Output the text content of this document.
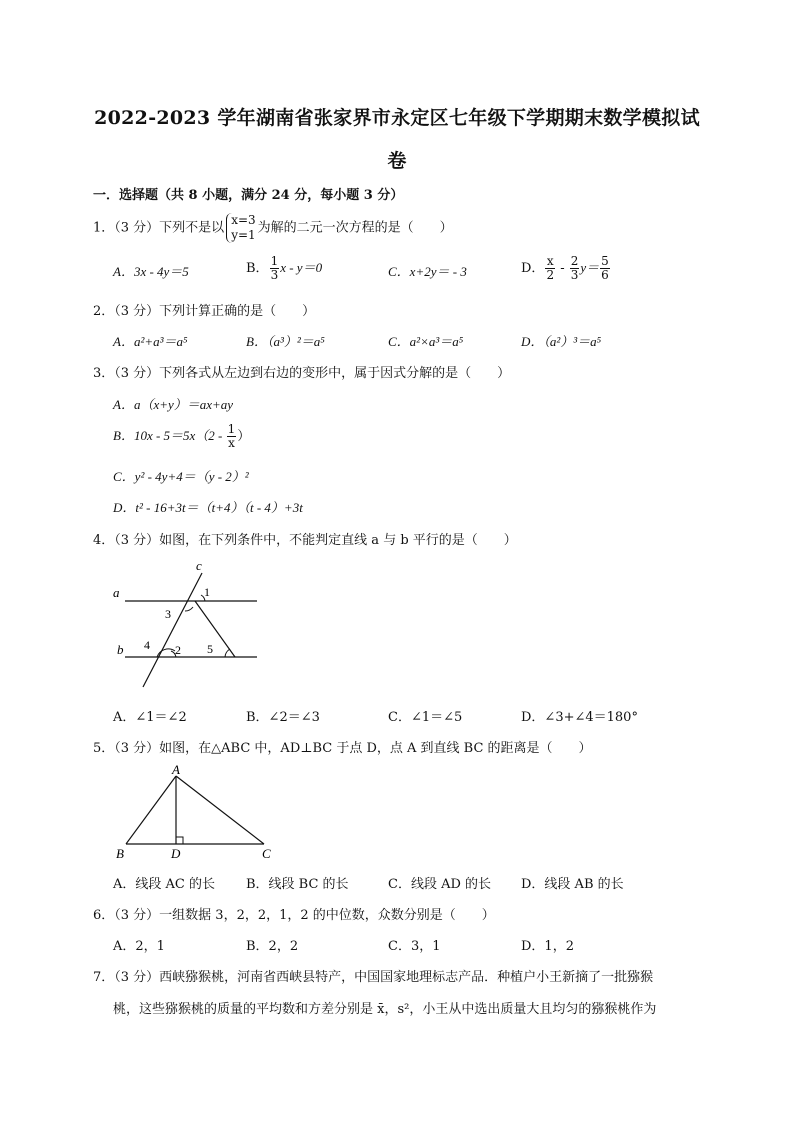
2022-2023 学年湖南省张家界市永定区七年级下学期期末数学模拟试
卷
一．选择题（共 8 小题，满分 24 分，每小题 3 分）
1．（3 分）下列不是以
x=3
y=1 为解的二元一次方程的是（　　）
A．3x - 4y＝5	B． $\frac{1}{3}$ x - y＝0	C．x+2y＝ - 3	D． $\frac{x}{2} - \frac{2}{3} y= \frac{5}{6}$
2．（3 分）下列计算正确的是（　　）
A．a²+a³＝a⁵	B．（a³）²＝a⁵	C．a²×a³＝a⁵	D．（a²）³＝a⁵
3．（3 分）下列各式从左边到右边的变形中，属于因式分解的是（　　）
A．a（x+y）＝ax+ay
B．$10x - 5=5x(2 - \frac{1}{x}$ ）
C．y² - 4y+4＝（y - 2）²
D．t² - 16+3t＝（t+4）（t - 4）+3t
4．（3 分）如图，在下列条件中，不能判定直线 a 与 b 平行的是（　　）
a
b
c
1
2
3
4	5
A．∠1＝∠2	B．∠2＝∠3	C．∠1＝∠5	D．∠3+∠4＝180°
5．（3 分）如图，在△ABC 中，AD⊥BC 于点 D，点 A 到直线 BC 的距离是（　　）
A
B	D	C
A．线段 AC 的长 B．线段 BC 的长	C．线段 AD 的长 D．线段 AB 的长
6．（3 分）一组数据 3，2，2，1，2 的中位数，众数分别是（　　）
A．2，1	B．2，2	C．3，1	D．1，2
7．（3 分）西峡猕猴桃，河南省西峡县特产，中国国家地理标志产品．种植户小王新摘了一批猕猴
桃，这些猕猴桃的质量的平均数和方差分别是 x̄，s²，小王从中选出质量大且均匀的猕猴桃作为
